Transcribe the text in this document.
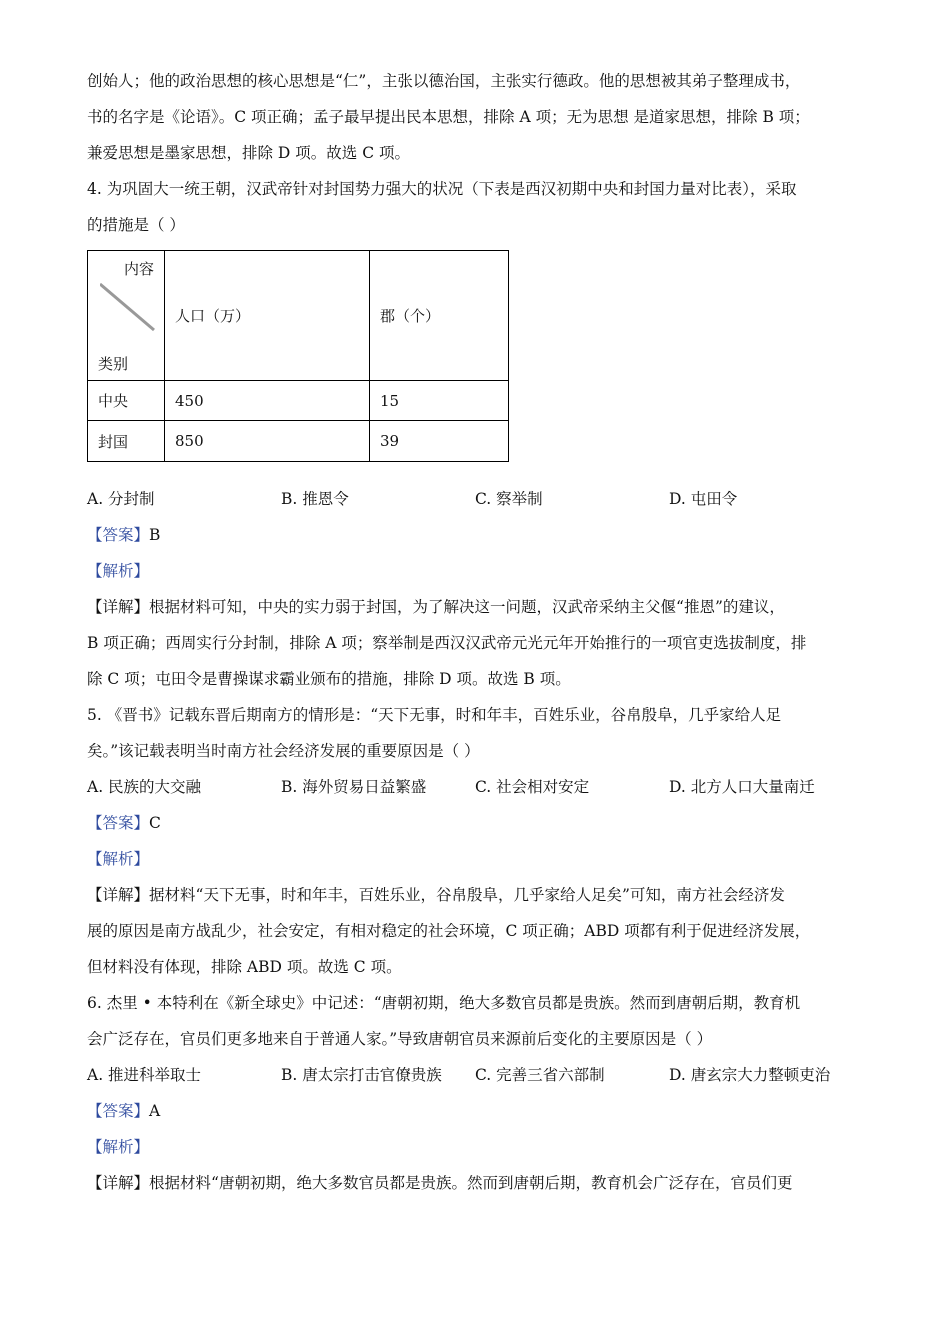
创始人；他的政治思想的核心思想是“仁”，主张以德治国，主张实行德政。他的思想被其弟子整理成书，
书的名字是《论语》。C 项正确；孟子最早提出民本思想，排除 A 项；无为思想 是道家思想，排除 B 项；
兼爱思想是墨家思想，排除 D 项。故选 C 项。
4. 为巩固大一统王朝，汉武帝针对封国势力强大的状况（下表是西汉初期中央和封国力量对比表），采取
的措施是（ ）
内容
类别	人口（万）	郡（个）
中央	450	15
封国	850	39
A. 分封制	B. 推恩令	C. 察举制	D. 屯田令
【答案】B
【解析】
【详解】根据材料可知，中央的实力弱于封国，为了解决这一问题，汉武帝采纳主父偃“推恩”的建议，
B 项正确；西周实行分封制，排除 A 项；察举制是西汉汉武帝元光元年开始推行的一项官吏选拔制度，排
除 C 项；屯田令是曹操谋求霸业颁布的措施，排除 D 项。故选 B 项。
5. 《晋书》记载东晋后期南方的情形是：“天下无事，时和年丰，百姓乐业，谷帛殷阜，几乎家给人足
矣。”该记载表明当时南方社会经济发展的重要原因是（ ）
A. 民族的大交融	B. 海外贸易日益繁盛	C. 社会相对安定	D. 北方人口大量南迁
【答案】C
【解析】
【详解】据材料“天下无事，时和年丰，百姓乐业，谷帛殷阜，几乎家给人足矣”可知，南方社会经济发
展的原因是南方战乱少，社会安定，有相对稳定的社会环境，C 项正确；ABD 项都有利于促进经济发展，
但材料没有体现，排除 ABD 项。故选 C 项。
6. 杰里 • 本特利在《新全球史》中记述：“唐朝初期，绝大多数官员都是贵族。然而到唐朝后期，教育机
会广泛存在，官员们更多地来自于普通人家。”导致唐朝官员来源前后变化的主要原因是（ ）
A. 推进科举取士	B. 唐太宗打击官僚贵族	C. 完善三省六部制	D. 唐玄宗大力整顿吏治
【答案】A
【解析】
【详解】根据材料“唐朝初期，绝大多数官员都是贵族。然而到唐朝后期，教育机会广泛存在，官员们更
